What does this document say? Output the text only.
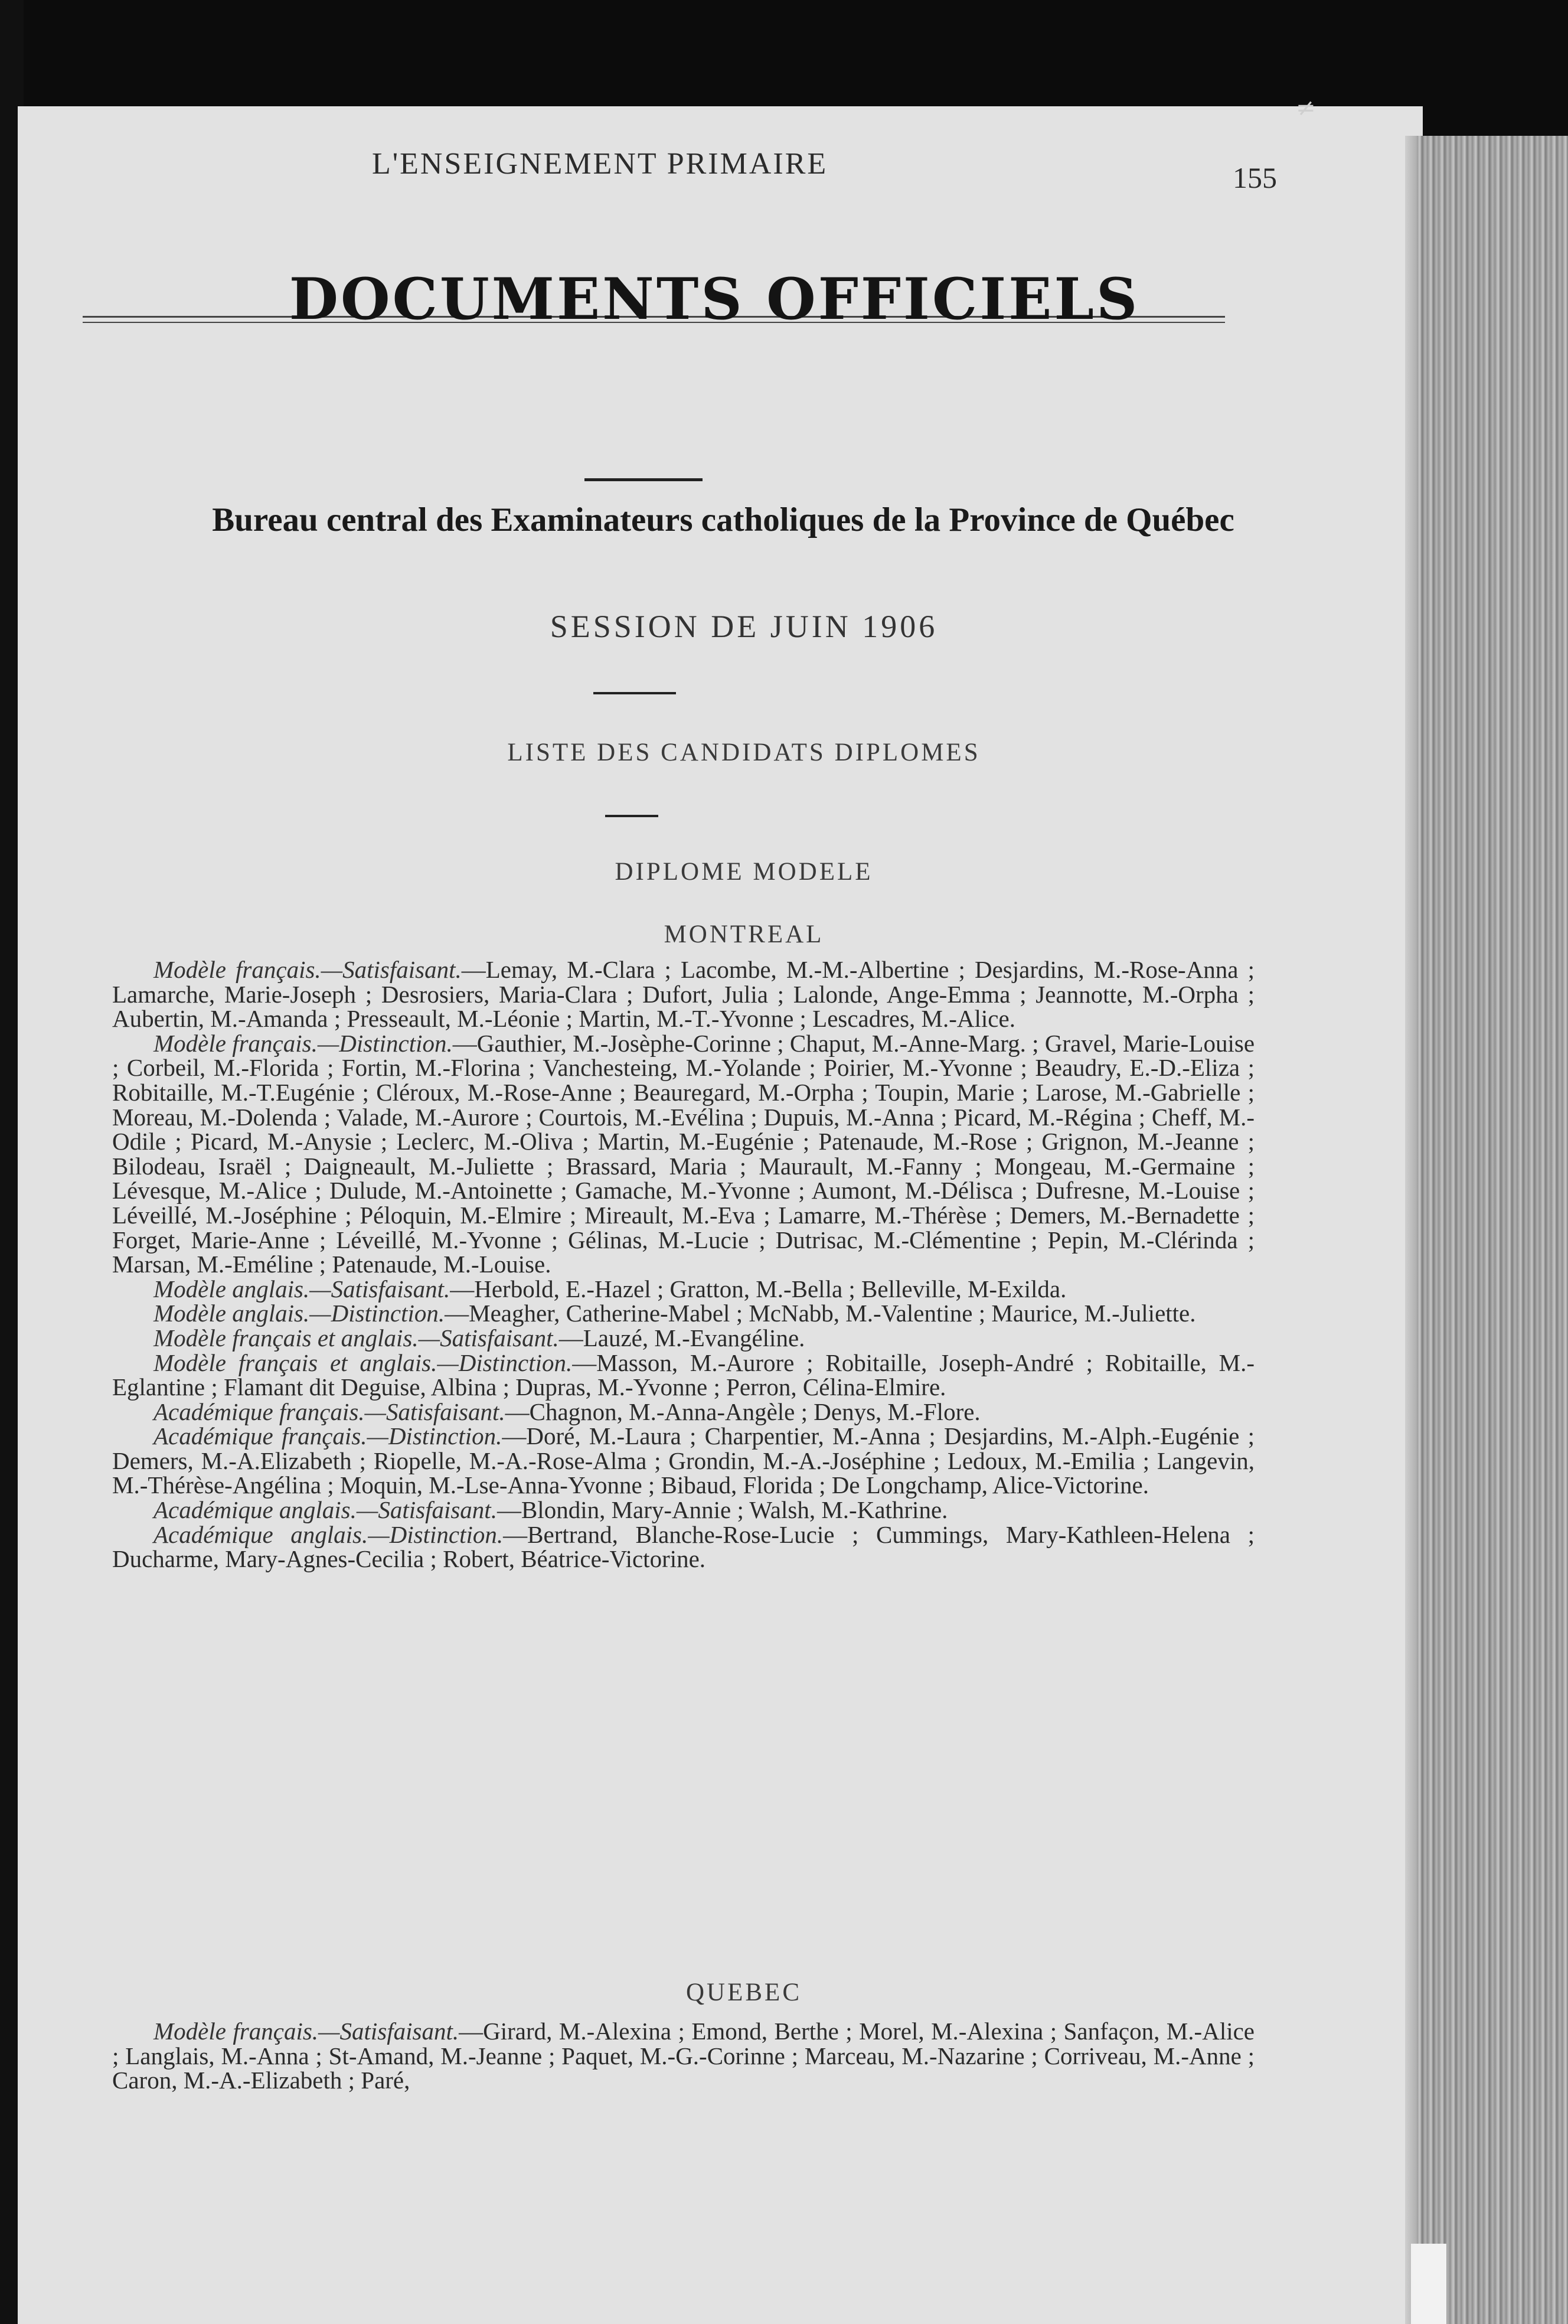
≠
L'ENSEIGNEMENT PRIMAIRE	155
DOCUMENTS OFFICIELS
Bureau central des Examinateurs catholiques de la Province de Québec
SESSION DE JUIN 1906
LISTE DES CANDIDATS DIPLOMES
DIPLOME MODELE
MONTREAL

Modèle français.—Satisfaisant.—Lemay, M.-Clara ; Lacombe, M.-M.-Albertine ; Desjardins, M.-Rose-Anna ; Lamarche, Marie-Joseph ; Desrosiers, Maria-Clara ; Dufort, Julia ; Lalonde, Ange-Emma ; Jeannotte, M.-Orpha ; Aubertin, M.-Amanda ; Presseault, M.-Léonie ; Martin, M.-T.-Yvonne ; Lescadres, M.-Alice.

Modèle français.—Distinction.—Gauthier, M.-Josèphe-Corinne ; Chaput, M.-Anne-Marg. ; Gravel, Marie-Louise ; Corbeil, M.-Florida ; Fortin, M.-Florina ; Vanchesteing, M.-Yolande ; Poirier, M.-Yvonne ; Beaudry, E.-D.-Eliza ; Robitaille, M.-T.Eugénie ; Cléroux, M.-Rose-Anne ; Beauregard, M.-Orpha ; Toupin, Marie ; Larose, M.-Gabrielle ; Moreau, M.-Dolenda ; Valade, M.-Aurore ; Courtois, M.-Evélina ; Dupuis, M.-Anna ; Picard, M.-Régina ; Cheff, M.-Odile ; Picard, M.-Anysie ; Leclerc, M.-Oliva ; Martin, M.-Eugénie ; Patenaude, M.-Rose ; Grignon, M.-Jeanne ; Bilodeau, Israël ; Daigneault, M.-Juliette ; Brassard, Maria ; Maurault, M.-Fanny ; Mongeau, M.-Germaine ; Lévesque, M.-Alice ; Dulude, M.-Antoinette ; Gamache, M.-Yvonne ; Aumont, M.-Délisca ; Dufresne, M.-Louise ; Léveillé, M.-Joséphine ; Péloquin, M.-Elmire ; Mireault, M.-Eva ; Lamarre, M.-Thérèse ; Demers, M.-Bernadette ; Forget, Marie-Anne ; Léveillé, M.-Yvonne ; Gélinas, M.-Lucie ; Dutrisac, M.-Clémentine ; Pepin, M.-Clérinda ; Marsan, M.-Eméline ; Patenaude, M.-Louise.

Modèle anglais.—Satisfaisant.—Herbold, E.-Hazel ; Gratton, M.-Bella ; Belleville, M-Exilda.

Modèle anglais.—Distinction.—Meagher, Catherine-Mabel ; McNabb, M.-Valentine ; Maurice, M.-Juliette.

Modèle français et anglais.—Satisfaisant.—Lauzé, M.-Evangéline.

Modèle français et anglais.—Distinction.—Masson, M.-Aurore ; Robitaille, Joseph-André ; Robitaille, M.-Eglantine ; Flamant dit Deguise, Albina ; Dupras, M.-Yvonne ; Perron, Célina-Elmire.

Académique français.—Satisfaisant.—Chagnon, M.-Anna-Angèle ; Denys, M.-Flore.

Académique français.—Distinction.—Doré, M.-Laura ; Charpentier, M.-Anna ; Desjardins, M.-Alph.-Eugénie ; Demers, M.-A.Elizabeth ; Riopelle, M.-A.-Rose-Alma ; Grondin, M.-A.-Joséphine ; Ledoux, M.-Emilia ; Langevin, M.-Thérèse-Angélina ; Moquin, M.-Lse-Anna-Yvonne ; Bibaud, Florida ; De Longchamp, Alice-Victorine.

Académique anglais.—Satisfaisant.—Blondin, Mary-Annie ; Walsh, M.-Kathrine.

Académique anglais.—Distinction.—Bertrand, Blanche-Rose-Lucie ; Cummings, Mary-Kathleen-Helena ; Ducharme, Mary-Agnes-Cecilia ; Robert, Béatrice-Victorine.

QUEBEC

Modèle français.—Satisfaisant.—Girard, M.-Alexina ; Emond, Berthe ; Morel, M.-Alexina ; Sanfaçon, M.-Alice ; Langlais, M.-Anna ; St-Amand, M.-Jeanne ; Paquet, M.-G.-Corinne ; Marceau, M.-Nazarine ; Corriveau, M.-Anne ; Caron, M.-A.-Elizabeth ; Paré,
